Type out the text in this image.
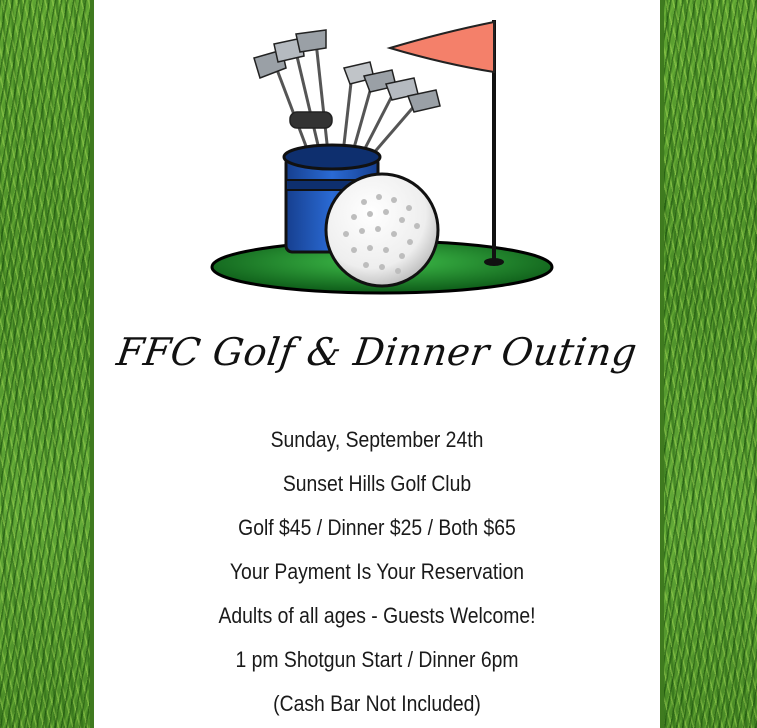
FFC Golf & Dinner Outing
Sunday, September 24th
Sunset Hills Golf Club
Golf $45 / Dinner $25 / Both $65
Your Payment Is Your Reservation
Adults of all ages - Guests Welcome!
1 pm Shotgun Start / Dinner 6pm
(Cash Bar Not Included)
